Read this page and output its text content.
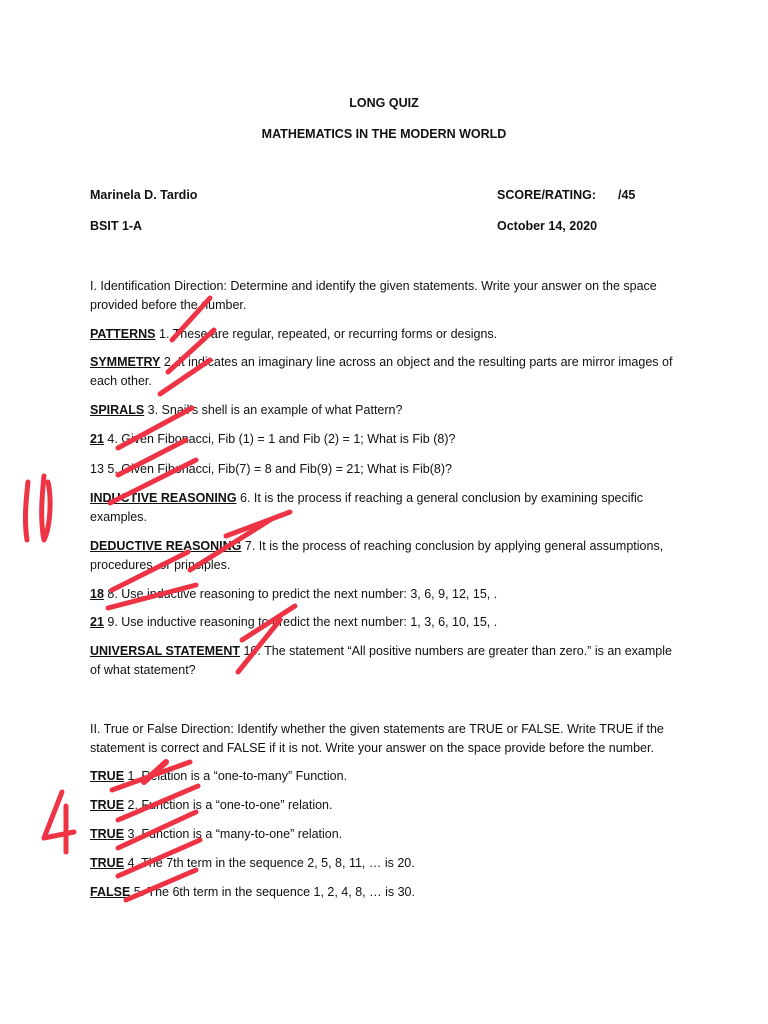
LONG QUIZ
MATHEMATICS IN THE MODERN WORLD
Marinela D. Tardio	SCORE/RATING: /45
BSIT 1-A	October 14, 2020
I. Identification Direction: Determine and identify the given statements. Write your answer on the space provided before the number.
PATTERNS 1. These are regular, repeated, or recurring forms or designs.
SYMMETRY 2. It indicates an imaginary line across an object and the resulting parts are mirror images of each other.
SPIRALS 3. Snail’s shell is an example of what Pattern?
21 4. Given Fibonacci, Fib (1) = 1 and Fib (2) = 1; What is Fib (8)?
13 5. Given Fibonacci, Fib(7) = 8 and Fib(9) = 21; What is Fib(8)?
INDUCTIVE REASONING 6. It is the process if reaching a general conclusion by examining specific examples.
DEDUCTIVE REASONING 7. It is the process of reaching conclusion by applying general assumptions, procedures, or principles.
18 8. Use inductive reasoning to predict the next number: 3, 6, 9, 12, 15, .
21 9. Use inductive reasoning to predict the next number: 1, 3, 6, 10, 15, .
UNIVERSAL STATEMENT 10. The statement “All positive numbers are greater than zero.” is an example of what statement?
II. True or False Direction: Identify whether the given statements are TRUE or FALSE. Write TRUE if the statement is correct and FALSE if it is not. Write your answer on the space provide before the number.
TRUE 1. Relation is a “one-to-many” Function.
TRUE 2. Function is a “one-to-one” relation.
TRUE 3. Function is a “many-to-one” relation.
TRUE 4. The 7th term in the sequence 2, 5, 8, 11, … is 20.
FALSE 5. The 6th term in the sequence 1, 2, 4, 8, … is 30.
